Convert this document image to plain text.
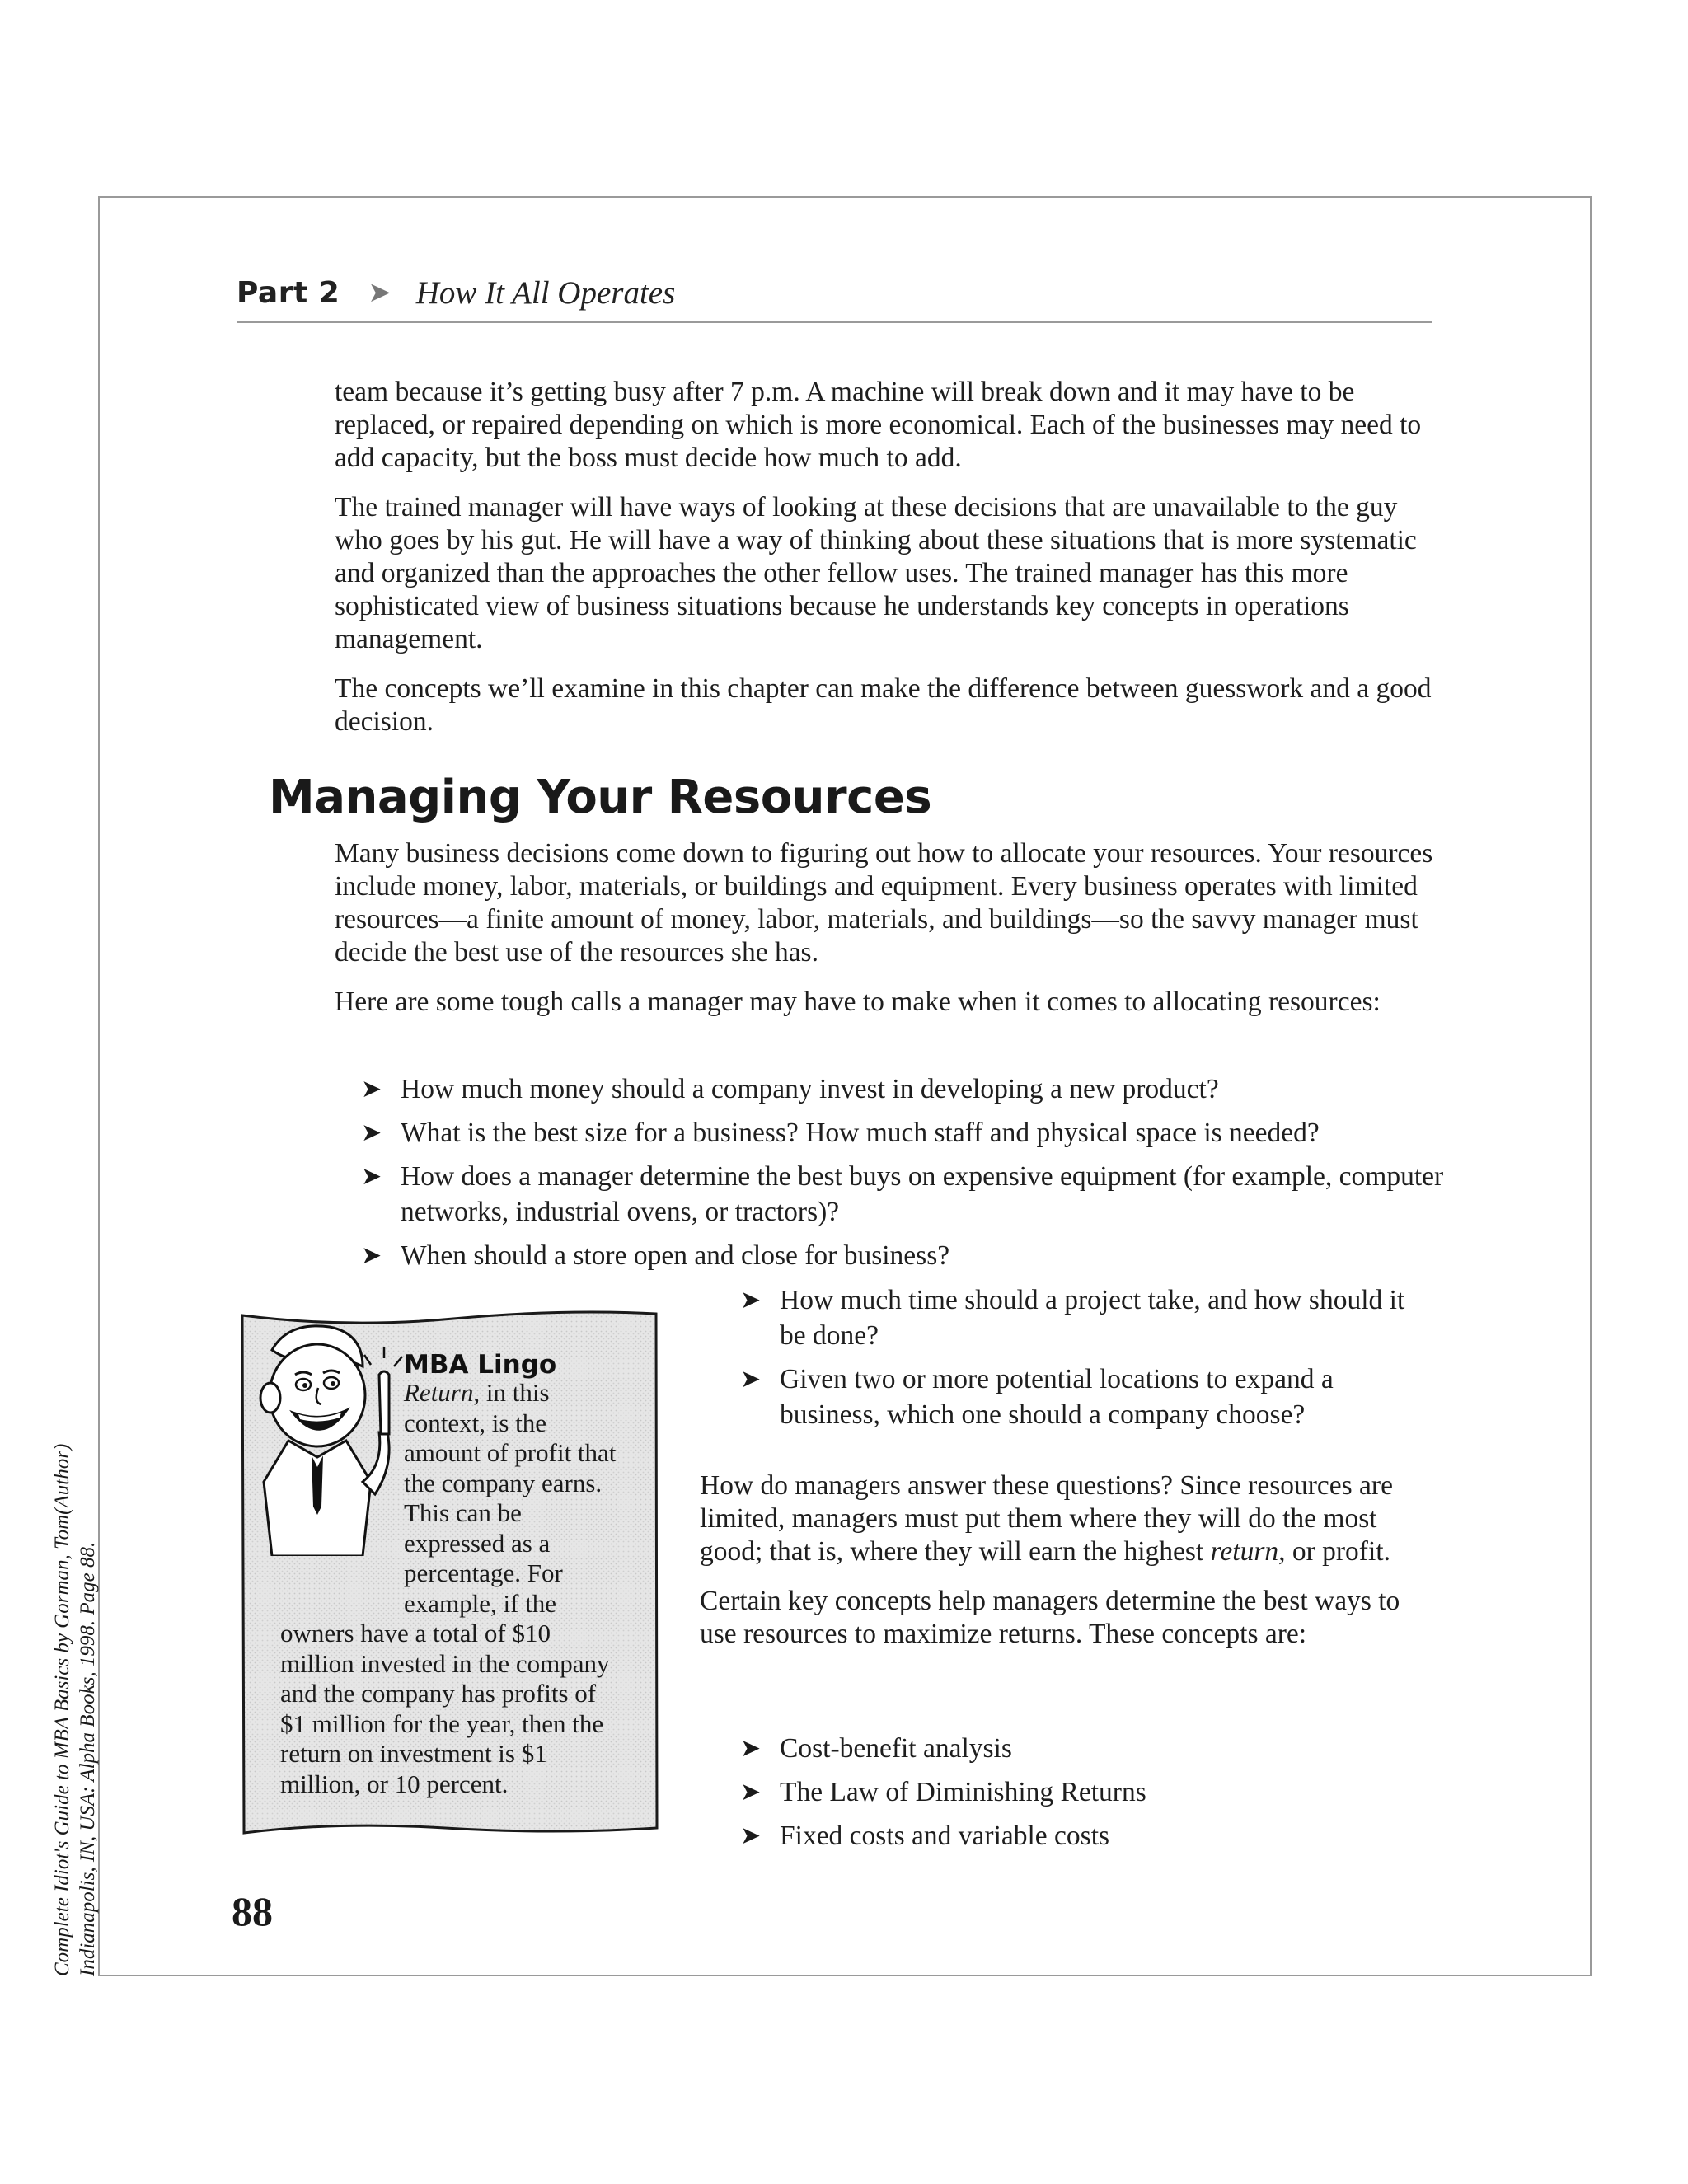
Part 2 ➤ How It All Operates

team because it’s getting busy after 7 p.m. A machine will break down and it may have to be replaced, or repaired depending on which is more economical. Each of the businesses may need to add capacity, but the boss must decide how much to add.

The trained manager will have ways of looking at these decisions that are unavailable to the guy who goes by his gut. He will have a way of thinking about these situations that is more systematic and organized than the approaches the other fellow uses. The trained manager has this more sophisticated view of business situations because he understands key concepts in operations management.

The concepts we’ll examine in this chapter can make the difference between guesswork and a good decision.

Managing Your Resources

Many business decisions come down to figuring out how to allocate your resources. Your resources include money, labor, materials, or buildings and equipment. Every business operates with limited resources—a finite amount of money, labor, materials, and buildings—so the savvy manager must decide the best use of the resources she has.

Here are some tough calls a manager may have to make when it comes to allocating resources:

➤ How much money should a company invest in developing a new product?
➤ What is the best size for a business? How much staff and physical space is needed?
➤ How does a manager determine the best buys on expensive equipment (for example, computer networks, industrial ovens, or tractors)?
➤ When should a store open and close for business?
➤ How much time should a project take, and how should it be done?
➤ Given two or more potential locations to expand a business, which one should a company choose?

How do managers answer these questions? Since resources are limited, managers must put them where they will do the most good; that is, where they will earn the highest return, or profit.

Certain key concepts help managers determine the best ways to use resources to maximize returns. These concepts are:

➤ Cost-benefit analysis
➤ The Law of Diminishing Returns
➤ Fixed costs and variable costs
MBA Lingo
Return, in this context, is the amount of profit that the company earns. This can be expressed as a percentage. For example, if the owners have a total of $10 million invested in the company and the company has profits of $1 million for the year, then the return on investment is $1 million, or 10 percent.
88
Complete Idiot's Guide to MBA Basics by Gorman, Tom(Author) Indianapolis, IN, USA: Alpha Books, 1998. Page 88.
